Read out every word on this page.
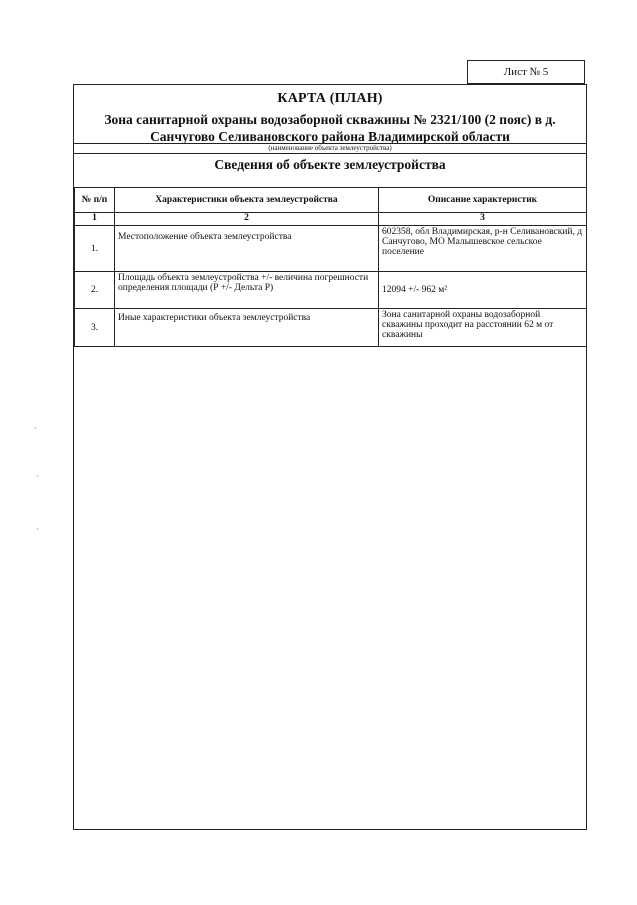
Лист № 5
КАРТА (ПЛАН)
Зона санитарной охраны водозаборной скважины № 2321/100 (2 пояс) в д.
Санчугово Селивановского района Владимирской области
(наименование объекта землеустройства)
Сведения об объекте землеустройства
№ п/п	Характеристики объекта землеустройства	Описание характеристик
1	2	3
1.	Местоположение объекта землеустройства	602358, обл Владимирская, р-н Селивановский, д Санчугово, МО Малышевское сельское поселение
2.	Площадь объекта землеустройства +/- величина погрешности определения площади (Р +/- Дельта Р)	12094 +/- 962 м²
3.	Иные характеристики объекта землеустройства	Зона санитарной охраны водозаборной скважины проходит на расстоянии 62 м от скважины
·
·
·
